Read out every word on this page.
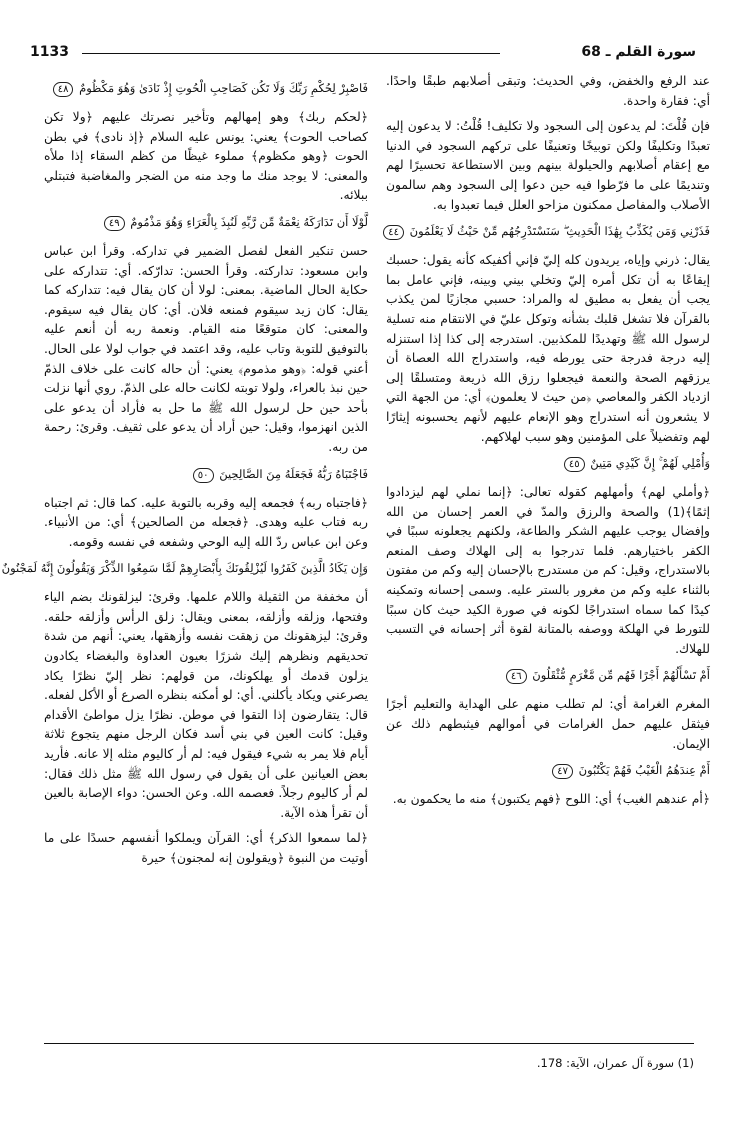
1133	سورة القلم ـ 68

عند الرفع والخفض، وفي الحديث: وتبقى أصلابهم طبقًا واحدًا. أي: فقارة واحدة.

فإن قُلْتَ: لم يدعون إلى السجود ولا تكليف! قُلْتُ: لا يدعون إليه تعبدًا وتكليفًا ولكن توبيخًا وتعنيفًا على تركهم السجود في الدنيا مع إعقام أصلابهم والحيلولة بينهم وبين الاستطاعة تحسيرًا لهم وتنديمًا على ما فرّطوا فيه حين دعوا إلى السجود وهم سالمون الأصلاب والمفاصل ممكنون مزاحو العلل فيما تعبدوا به.

فَذَرْنِي وَمَن يُكَذِّبُ بِهَٰذَا الْحَدِيثِ ۖ سَنَسْتَدْرِجُهُم مِّنْ حَيْثُ لَا يَعْلَمُونَ ٤٤

يقال: ذرني وإياه، يريدون كله إليّ فإني أكفيكه كأنه يقول: حسبك إيقاعًا به أن تكل أمره إليّ وتخلي بيني وبينه، فإني عامل بما يجب أن يفعل به مطيق له والمراد: حسبي مجازيًا لمن يكذب بالقرآن فلا تشغل قلبك بشأنه وتوكل عليّ في الانتقام منه تسلية لرسول الله ﷺ وتهديدًا للمكذبين. استدرجه إلى كذا إذا استنزله إليه درجة فدرجة حتى يورطه فيه، واستدراج الله العصاة أن يرزقهم الصحة والنعمة فيجعلوا رزق الله ذريعة ومتسلقًا إلى ازدياد الكفر والمعاصي ﴿من حيث لا يعلمون﴾ أي: من الجهة التي لا يشعرون أنه استدراج وهو الإنعام عليهم لأنهم يحسبونه إيثارًا لهم وتفضيلاً على المؤمنين وهو سبب لهلاكهم.

وَأُمْلِي لَهُمْ ۚ إِنَّ كَيْدِي مَتِينٌ ٤٥

﴿وأملي لهم﴾ وأمهلهم كقوله تعالى: ﴿إنما نملي لهم ليزدادوا إثمًا﴾(1) والصحة والرزق والمدّ في العمر إحسان من الله وإفضال يوجب عليهم الشكر والطاعة، ولكنهم يجعلونه سببًا في الكفر باختيارهم. فلما تدرجوا به إلى الهلاك وصف المنعم بالاستدراج، وقيل: كم من مستدرج بالإحسان إليه وكم من مفتون بالثناء عليه وكم من مغرور بالستر عليه. وسمى إحسانه وتمكينه كيدًا كما سماه استدراجًا لكونه في صورة الكيد حيث كان سببًا للتورط في الهلكة ووصفه بالمتانة لقوة أثر إحسانه في التسبب للهلاك.

أَمْ تَسْأَلُهُمْ أَجْرًا فَهُم مِّن مَّغْرَمٍ مُّثْقَلُونَ ٤٦

المغرم الغرامة أي: لم تطلب منهم على الهداية والتعليم أجرًا فيثقل عليهم حمل الغرامات في أموالهم فيثبطهم ذلك عن الإيمان.

أَمْ عِندَهُمُ الْغَيْبُ فَهُمْ يَكْتُبُونَ ٤٧

﴿أم عندهم الغيب﴾ أي: اللوح ﴿فهم يكتبون﴾ منه ما يحكمون به.

فَاصْبِرْ لِحُكْمِ رَبِّكَ وَلَا تَكُن كَصَاحِبِ الْحُوتِ إِذْ نَادَىٰ وَهُوَ مَكْظُومٌ ٤٨

﴿لحكم ربك﴾ وهو إمهالهم وتأخير نصرتك عليهم ﴿ولا تكن كصاحب الحوت﴾ يعني: يونس عليه السلام ﴿إذ نادى﴾ في بطن الحوت ﴿وهو مكظوم﴾ مملوء غيظًا من كظم السقاء إذا ملأه والمعنى: لا يوجد منك ما وجد منه من الضجر والمغاضبة فتبتلي ببلائه.

لَّوْلَا أَن تَدَارَكَهُ نِعْمَةٌ مِّن رَّبِّهِ لَنُبِذَ بِالْعَرَاءِ وَهُوَ مَذْمُومٌ ٤٩

حسن تنكير الفعل لفصل الضمير في تداركه. وقرأ ابن عباس وابن مسعود: تداركته. وقرأ الحسن: تدارّكه. أي: تتداركه على حكاية الحال الماضية. بمعنى: لولا أن كان يقال فيه: تتداركه كما يقال: كان زيد سيقوم فمنعه فلان. أي: كان يقال فيه سيقوم. والمعنى: كان متوقعًا منه القيام. ونعمة ربه أن أنعم عليه بالتوفيق للتوبة وتاب عليه، وقد اعتمد في جواب لولا على الحال. أعني قوله: ﴿وهو مذموم﴾ يعني: أن حاله كانت على خلاف الذمّ حين نبذ بالعراء، ولولا توبته لكانت حاله على الذمّ. روي أنها نزلت بأحد حين حل لرسول الله ﷺ ما حل به فأراد أن يدعو على الذين انهزموا، وقيل: حين أراد أن يدعو على ثقيف. وقرئ: رحمة من ربه.

فَاجْتَبَاهُ رَبُّهُ فَجَعَلَهُ مِنَ الصَّالِحِينَ ٥٠

﴿فاجتباه ربه﴾ فجمعه إليه وقربه بالتوبة عليه. كما قال: ثم اجتباه ربه فتاب عليه وهدى. ﴿فجعله من الصالحين﴾ أي: من الأنبياء. وعن ابن عباس ردّ الله إليه الوحي وشفعه في نفسه وقومه.

وَإِن يَكَادُ الَّذِينَ كَفَرُوا لَيُزْلِقُونَكَ بِأَبْصَارِهِمْ لَمَّا سَمِعُوا الذِّكْرَ وَيَقُولُونَ إِنَّهُ لَمَجْنُونٌ

أن مخففة من الثقيلة واللام علمها. وقرئ: ليزلقونك بضم الياء وفتحها، وزلقه وأزلقه، بمعنى ويقال: زلق الرأس وأزلقه حلقه. وقرئ: ليزهقونك من زهقت نفسه وأزهقها، يعني: أنهم من شدة تحديقهم ونظرهم إليك شزرًا بعيون العداوة والبغضاء يكادون يزلون قدمك أو يهلكونك، من قولهم: نظر إليّ نظرًا يكاد يصرعني ويكاد يأكلني. أي: لو أمكنه بنظره الصرع أو الأكل لفعله. قال: يتقارضون إذا التقوا في موطن. نظرًا يزل مواطئ الأقدام وقيل: كانت العين في بني أسد فكان الرجل منهم يتجوع ثلاثة أيام فلا يمر به شيء فيقول فيه: لم أر كاليوم مثله إلا عانه. فأريد بعض العيانين على أن يقول في رسول الله ﷺ مثل ذلك فقال: لم أر كاليوم رجلاً. فعصمه الله. وعن الحسن: دواء الإصابة بالعين أن تقرأ هذه الآية.

﴿لما سمعوا الذكر﴾ أي: القرآن ويملكوا أنفسهم حسدًا على ما أوتيت من النبوة ﴿ويقولون إنه لمجنون﴾ حيرة

(1) سورة آل عمران، الآية: 178.
